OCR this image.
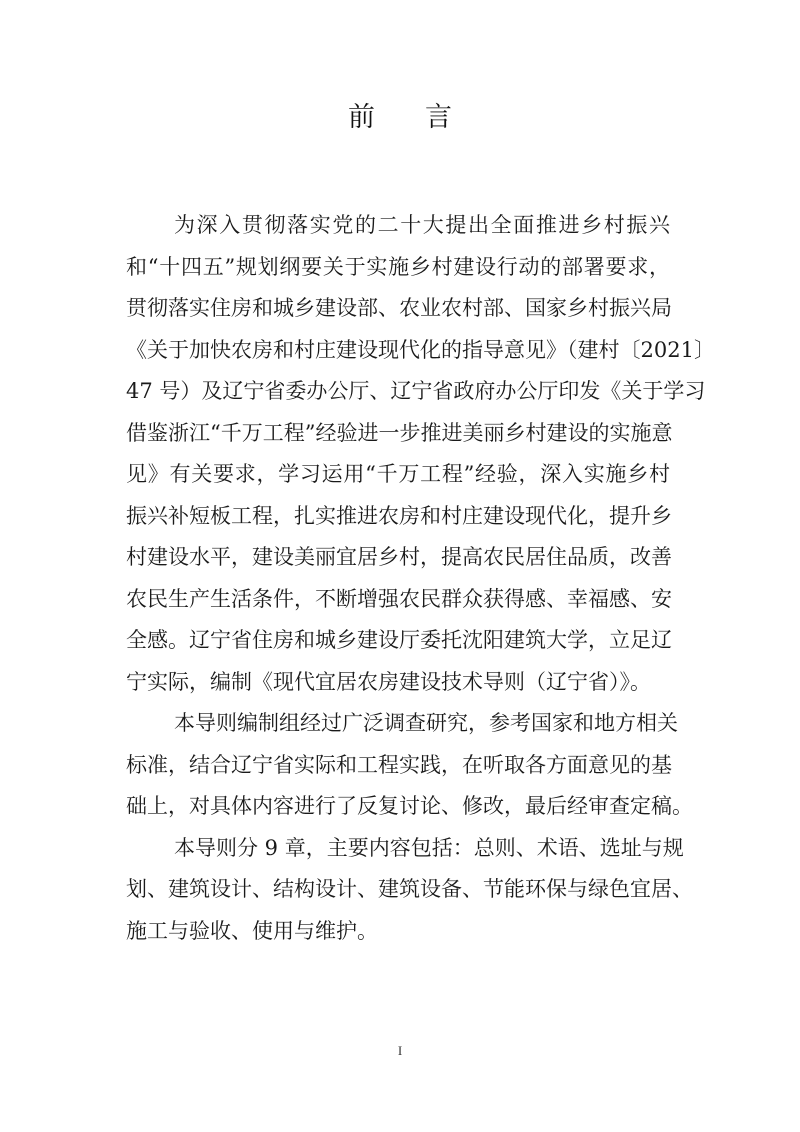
前 言
为深入贯彻落实党的二十大提出全面推进乡村振兴
和“十四五”规划纲要关于实施乡村建设行动的部署要求，
贯彻落实住房和城乡建设部、农业农村部、国家乡村振兴局
《关于加快农房和村庄建设现代化的指导意见》（建村〔2021〕
47 号）及辽宁省委办公厅、辽宁省政府办公厅印发《关于学习
借鉴浙江“千万工程”经验进一步推进美丽乡村建设的实施意
见》有关要求，学习运用“千万工程”经验，深入实施乡村
振兴补短板工程，扎实推进农房和村庄建设现代化，提升乡
村建设水平，建设美丽宜居乡村，提高农民居住品质，改善
农民生产生活条件，不断增强农民群众获得感、幸福感、安
全感。辽宁省住房和城乡建设厅委托沈阳建筑大学，立足辽
宁实际，编制《现代宜居农房建设技术导则（辽宁省）》。
本导则编制组经过广泛调查研究，参考国家和地方相关
标准，结合辽宁省实际和工程实践，在听取各方面意见的基
础上，对具体内容进行了反复讨论、修改，最后经审查定稿。
本导则分 9 章，主要内容包括：总则、术语、选址与规
划、建筑设计、结构设计、建筑设备、节能环保与绿色宜居、
施工与验收、使用与维护。
I
